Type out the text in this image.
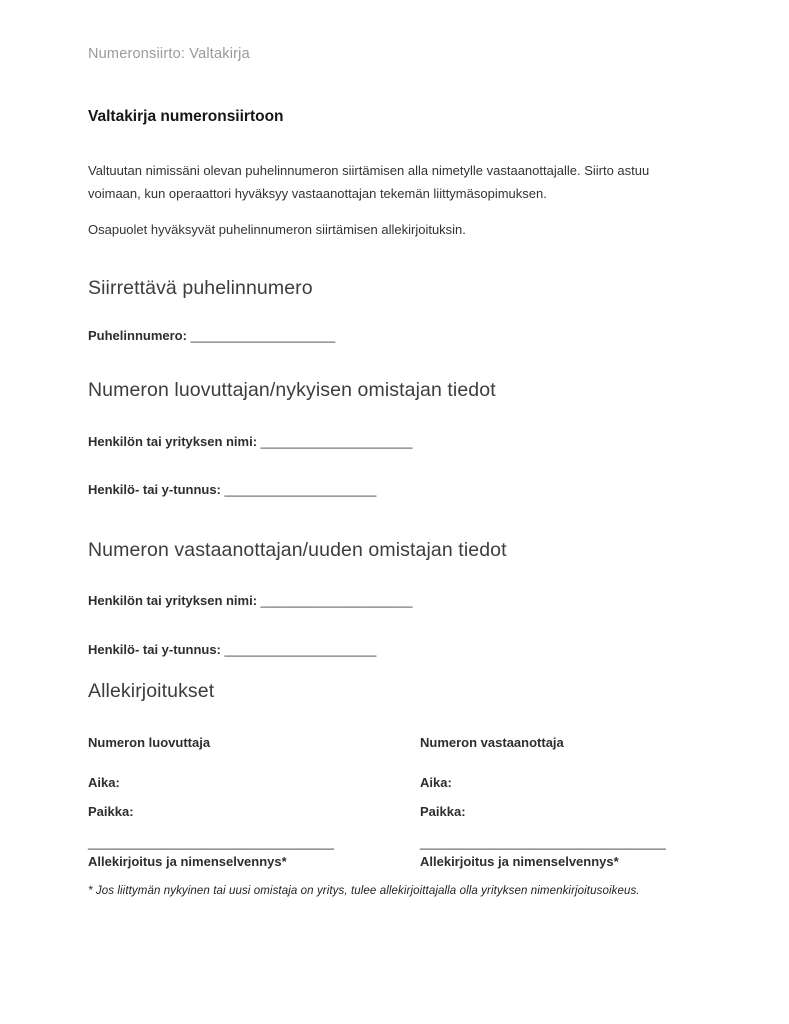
Numeronsiirto: Valtakirja
Valtakirja numeronsiirtoon

Valtuutan nimissäni olevan puhelinnumeron siirtämisen alla nimetylle vastaanottajalle. Siirto astuu voimaan, kun operaattori hyväksyy vastaanottajan tekemän liittymäsopimuksen.

Osapuolet hyväksyvät puhelinnumeron siirtämisen allekirjoituksin.

Siirrettävä puhelinnumero
Puhelinnumero: ____________________
Numeron luovuttajan/nykyisen omistajan tiedot
Henkilön tai yrityksen nimi: _____________________
Henkilö- tai y-tunnus: _____________________
Numeron vastaanottajan/uuden omistajan tiedot
Henkilön tai yrityksen nimi: _____________________
Henkilö- tai y-tunnus: _____________________
Allekirjoitukset
Numeron luovuttaja	Numeron vastaanottaja
Aika:	Aika:
Paikka:	Paikka:
__________________________________	__________________________________
Allekirjoitus ja nimenselvennys*	Allekirjoitus ja nimenselvennys*
* Jos liittymän nykyinen tai uusi omistaja on yritys, tulee allekirjoittajalla olla yrityksen nimenkirjoitusoikeus.
